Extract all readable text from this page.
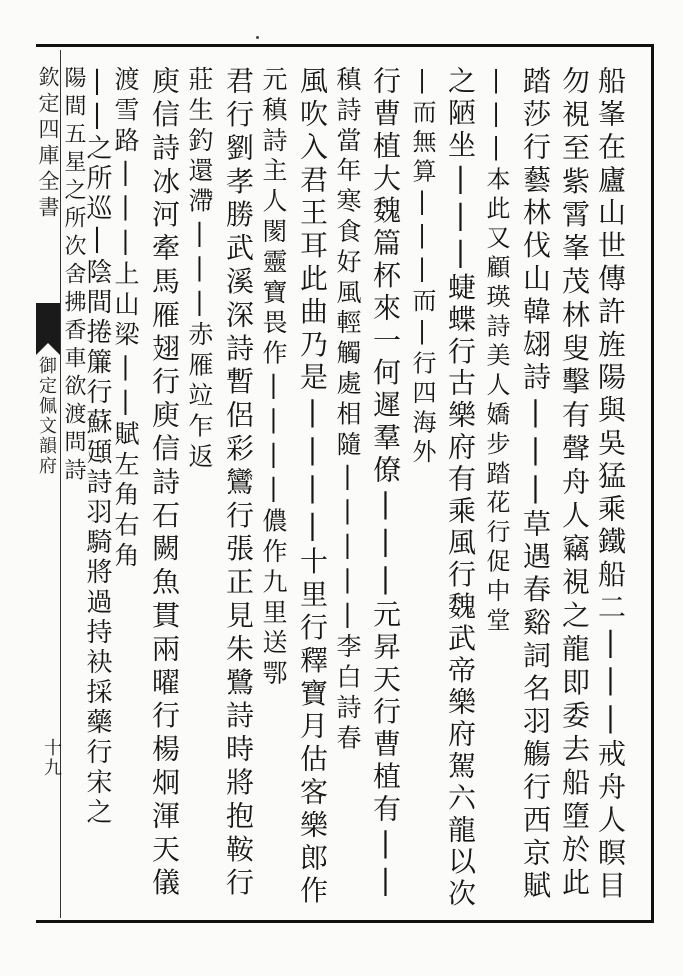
欽定四庫全書
御定佩文韻府
十九	船峯在廬山世傳許旌陽與吳猛乘鐵船二|||戒舟人瞑目
勿視至紫霄峯茂林叟擊有聲舟人竊視之龍即委去船墮於此
踏莎行藝林伐山韓翃詩|||草遇春谿詞名羽觴行西京賦
|||本此又顧瑛詩美人嬌步踏花行促中堂
之陋坐|||蜨蝶行古樂府有乘風行魏武帝樂府駕六龍以次
|而無算|||而|行四海外
行曹植大魏篇杯來一何遲羣僚|||元昇天行曹植有||
稹詩當年寒食好風輕觸處相隨|||||李白詩春
風吹入君王耳此曲乃是||||十里行釋寶月估客樂郎作
元稹詩主人閡靈寶畏作||||儂作九里送鄂
君行劉孝勝武溪深詩暫侶彩鸞行張正見朱鷺詩時將抱鞍行
莊生釣還滯|||赤雁竝乍返
庾信詩冰河牽馬雁翅行庾信詩石闕魚貫兩曜行楊炯渾天儀
渡雪路|||上山梁||賦左角右角
||之所巡|陰間捲簾行蘇頲詩羽騎將過持袂採藥行宋之
陽間五星之所次舍拂香車欲渡問詩
